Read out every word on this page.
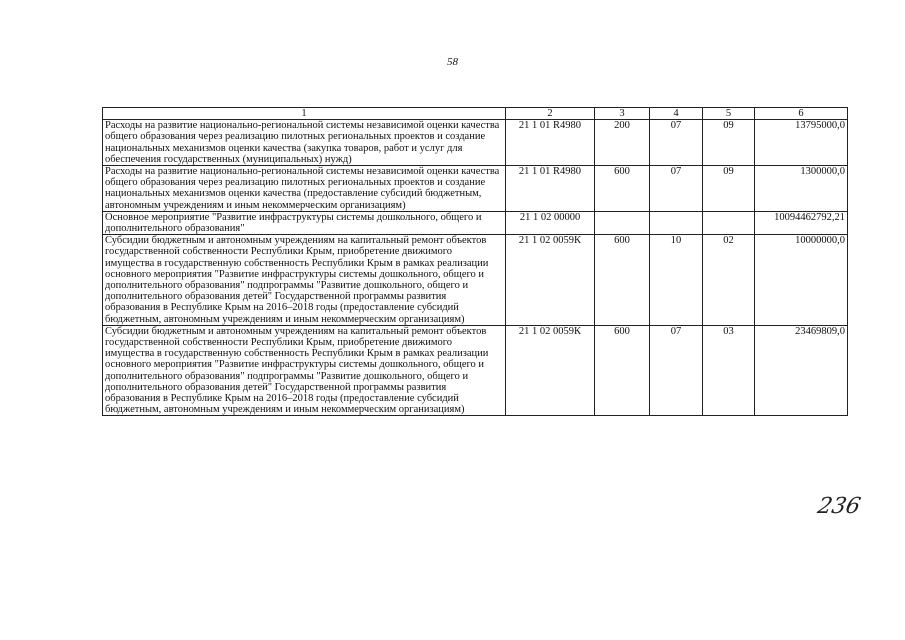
58
1	2	3	4	5	6
Расходы на развитие национально-региональной системы независимой оценки качества общего образования через реализацию пилотных региональных проектов и создание национальных механизмов оценки качества (закупка товаров, работ и услуг для обеспечения государственных (муниципальных) нужд)	21 1 01 R4980	200	07	09	13795000,0
Расходы на развитие национально-региональной системы независимой оценки качества общего образования через реализацию пилотных региональных проектов и создание национальных механизмов оценки качества (предоставление субсидий бюджетным, автономным учреждениям и иным некоммерческим организациям)	21 1 01 R4980	600	07	09	1300000,0
Основное мероприятие "Развитие инфраструктуры системы дошкольного, общего и дополнительного образования"	21 1 02 00000				10094462792,21
Субсидии бюджетным и автономным учреждениям на капитальный ремонт объектов государственной собственности Республики Крым, приобретение движимого имущества в государственную собственность Республики Крым в рамках реализации основного мероприятия "Развитие инфраструктуры системы дошкольного, общего и дополнительного образования" подпрограммы "Развитие дошкольного, общего и дополнительного образования детей" Государственной программы развития образования в Республике Крым на 2016–2018 годы (предоставление субсидий бюджетным, автономным учреждениям и иным некоммерческим организациям)	21 1 02 0059К	600	10	02	10000000,0
Субсидии бюджетным и автономным учреждениям на капитальный ремонт объектов государственной собственности Республики Крым, приобретение движимого имущества в государственную собственность Республики Крым в рамках реализации основного мероприятия "Развитие инфраструктуры системы дошкольного, общего и дополнительного образования" подпрограммы "Развитие дошкольного, общего и дополнительного образования детей" Государственной программы развития образования в Республике Крым на 2016–2018 годы (предоставление субсидий бюджетным, автономным учреждениям и иным некоммерческим организациям)	21 1 02 0059К	600	07	03	23469809,0
236
